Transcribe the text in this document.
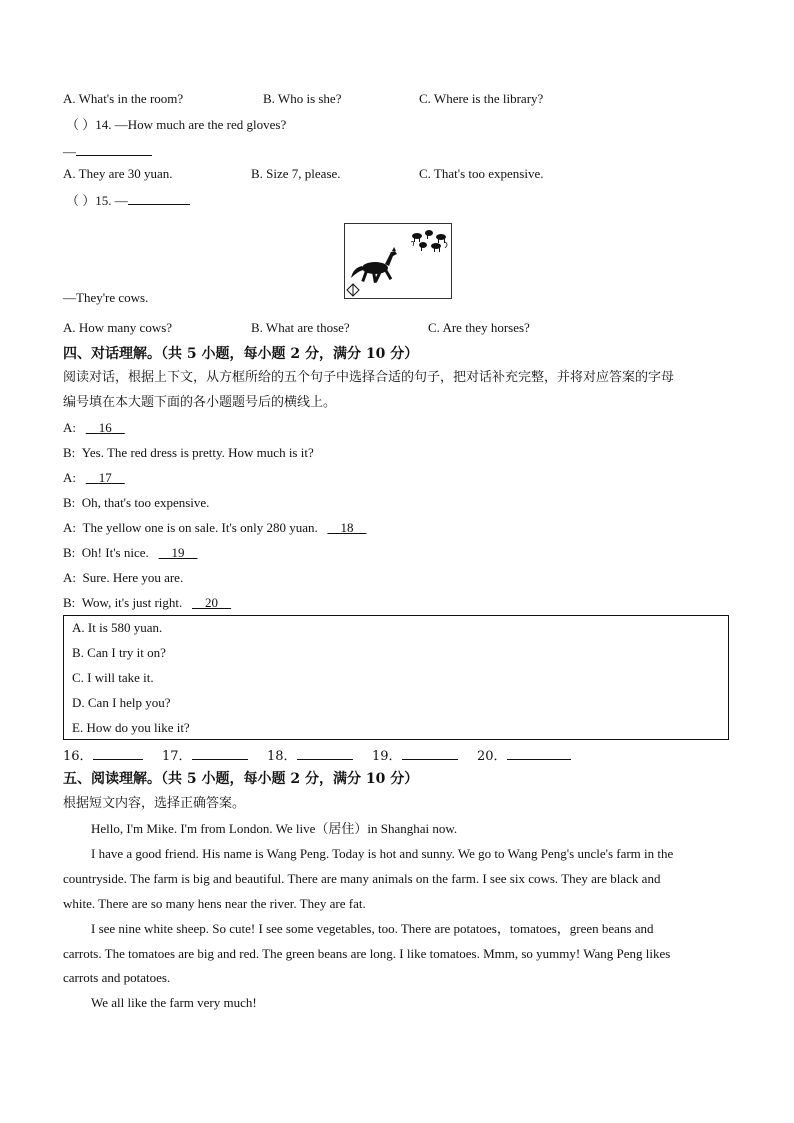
A. What's in the room?	B. Who is she?	C. Where is the library?
（ ）14. —How much are the red gloves?
—
A. They are 30 yuan.	B. Size 7, please.	C. That's too expensive.
（ ）15. —
—They're cows.
A. How many cows?	B. What are those?	C. Are they horses?
四、对话理解。（共 5 小题，每小题 2 分，满分 10 分）
阅读对话，根据上下文，从方框所给的五个句子中选择合适的句子，把对话补充完整，并将对应答案的字母
编号填在本大题下面的各小题题号后的横线上。
A: 16
B: Yes. The red dress is pretty. How much is it?
A: 17
B: Oh, that's too expensive.
A: The yellow one is on sale. It's only 280 yuan. 18
B: Oh! It's nice. 19
A: Sure. Here you are.
B: Wow, it's just right. 20
A. It is 580 yuan.
B. Can I try it on?
C. I will take it.
D. Can I help you?
E. How do you like it?
16．	17．	18．	19．	20．
五、阅读理解。（共 5 小题，每小题 2 分，满分 10 分）
根据短文内容，选择正确答案。
Hello, I'm Mike. I'm from London. We live（居住）in Shanghai now.
I have a good friend. His name is Wang Peng. Today is hot and sunny. We go to Wang Peng's uncle's farm in the
countryside. The farm is big and beautiful. There are many animals on the farm. I see six cows. They are black and
white. There are so many hens near the river. They are fat.
I see nine white sheep. So cute! I see some vegetables, too. There are potatoes，tomatoes，green beans and
carrots. The tomatoes are big and red. The green beans are long. I like tomatoes. Mmm, so yummy! Wang Peng likes
carrots and potatoes.
We all like the farm very much!
